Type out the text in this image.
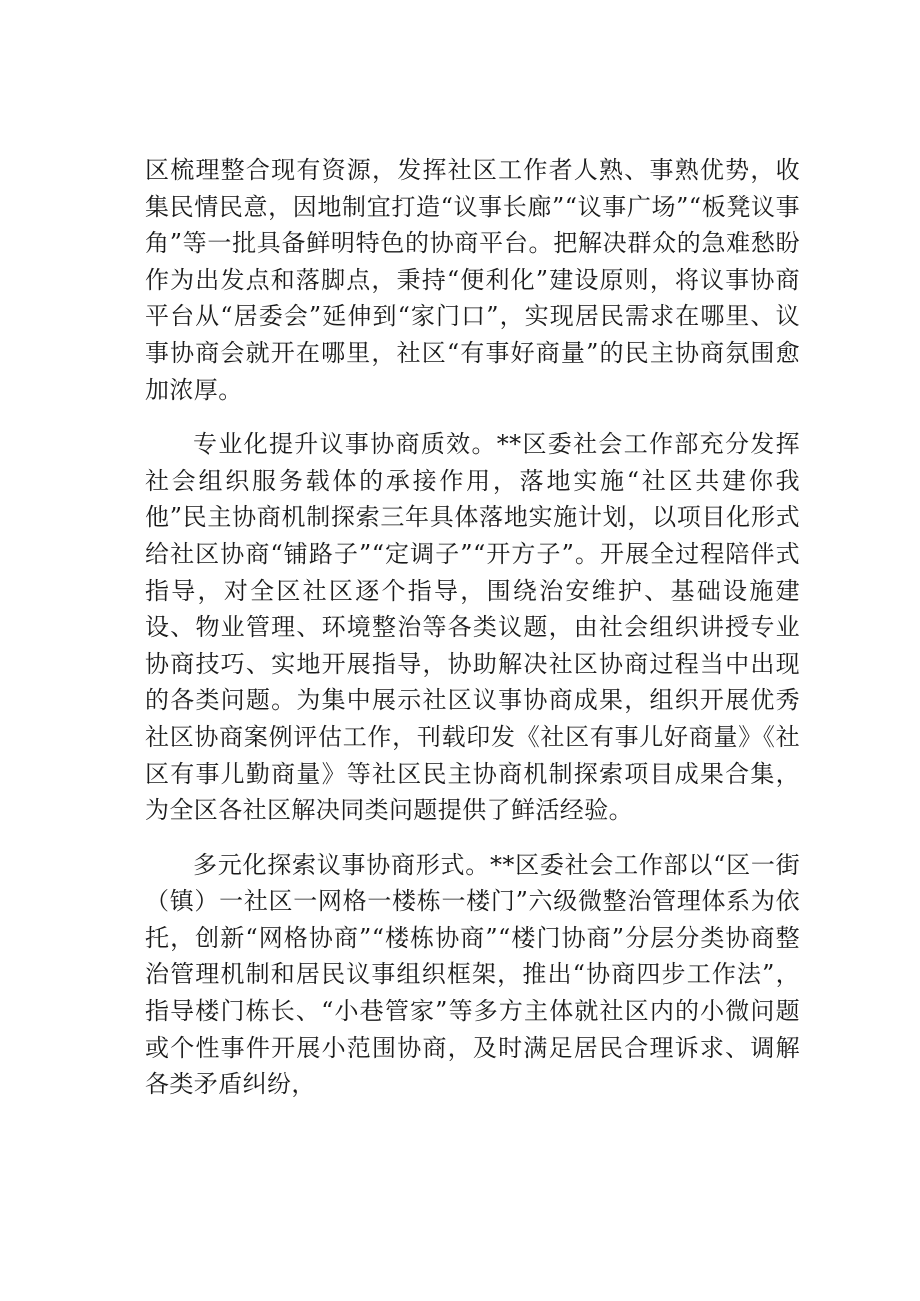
区梳理整合现有资源，发挥社区工作者人熟、事熟优势，收集民情民意，因地制宜打造“议事长廊”“议事广场”“板凳议事角”等一批具备鲜明特色的协商平台。把解决群众的急难愁盼作为出发点和落脚点，秉持“便利化”建设原则，将议事协商平台从“居委会”延伸到“家门口”，实现居民需求在哪里、议事协商会就开在哪里，社区“有事好商量”的民主协商氛围愈加浓厚。

专业化提升议事协商质效。**区委社会工作部充分发挥社会组织服务载体的承接作用，落地实施“社区共建你我他”民主协商机制探索三年具体落地实施计划，以项目化形式给社区协商“铺路子”“定调子”“开方子”。开展全过程陪伴式指导，对全区社区逐个指导，围绕治安维护、基础设施建设、物业管理、环境整治等各类议题，由社会组织讲授专业协商技巧、实地开展指导，协助解决社区协商过程当中出现的各类问题。为集中展示社区议事协商成果，组织开展优秀社区协商案例评估工作，刊载印发《社区有事儿好商量》《社区有事儿勤商量》等社区民主协商机制探索项目成果合集，为全区各社区解决同类问题提供了鲜活经验。

多元化探索议事协商形式。**区委社会工作部以“区一街（镇）一社区一网格一楼栋一楼门”六级微整治管理体系为依托，创新“网格协商”“楼栋协商”“楼门协商”分层分类协商整治管理机制和居民议事组织框架，推出“协商四步工作法”，指导楼门栋长、“小巷管家”等多方主体就社区内的小微问题或个性事件开展小范围协商，及时满足居民合理诉求、调解各类矛盾纠纷，
